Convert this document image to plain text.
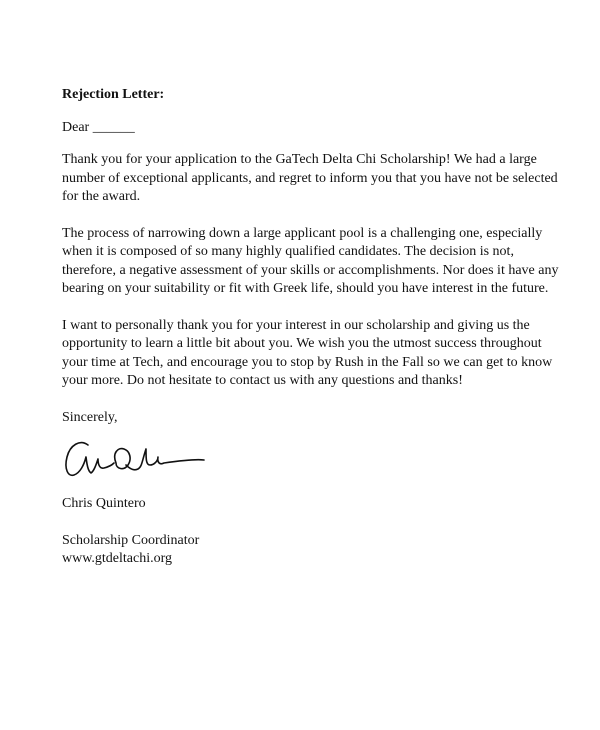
Rejection Letter:
Dear ______
Thank you for your application to the GaTech Delta Chi Scholarship! We had a large
number of exceptional applicants, and regret to inform you that you have not be selected
for the award.
The process of narrowing down a large applicant pool is a challenging one, especially
when it is composed of so many highly qualified candidates. The decision is not,
therefore, a negative assessment of your skills or accomplishments. Nor does it have any
bearing on your suitability or fit with Greek life, should you have interest in the future.
I want to personally thank you for your interest in our scholarship and giving us the
opportunity to learn a little bit about you. We wish you the utmost success throughout
your time at Tech, and encourage you to stop by Rush in the Fall so we can get to know
your more. Do not hesitate to contact us with any questions and thanks!
Sincerely,
Chris Quintero
Scholarship Coordinator
www.gtdeltachi.org
